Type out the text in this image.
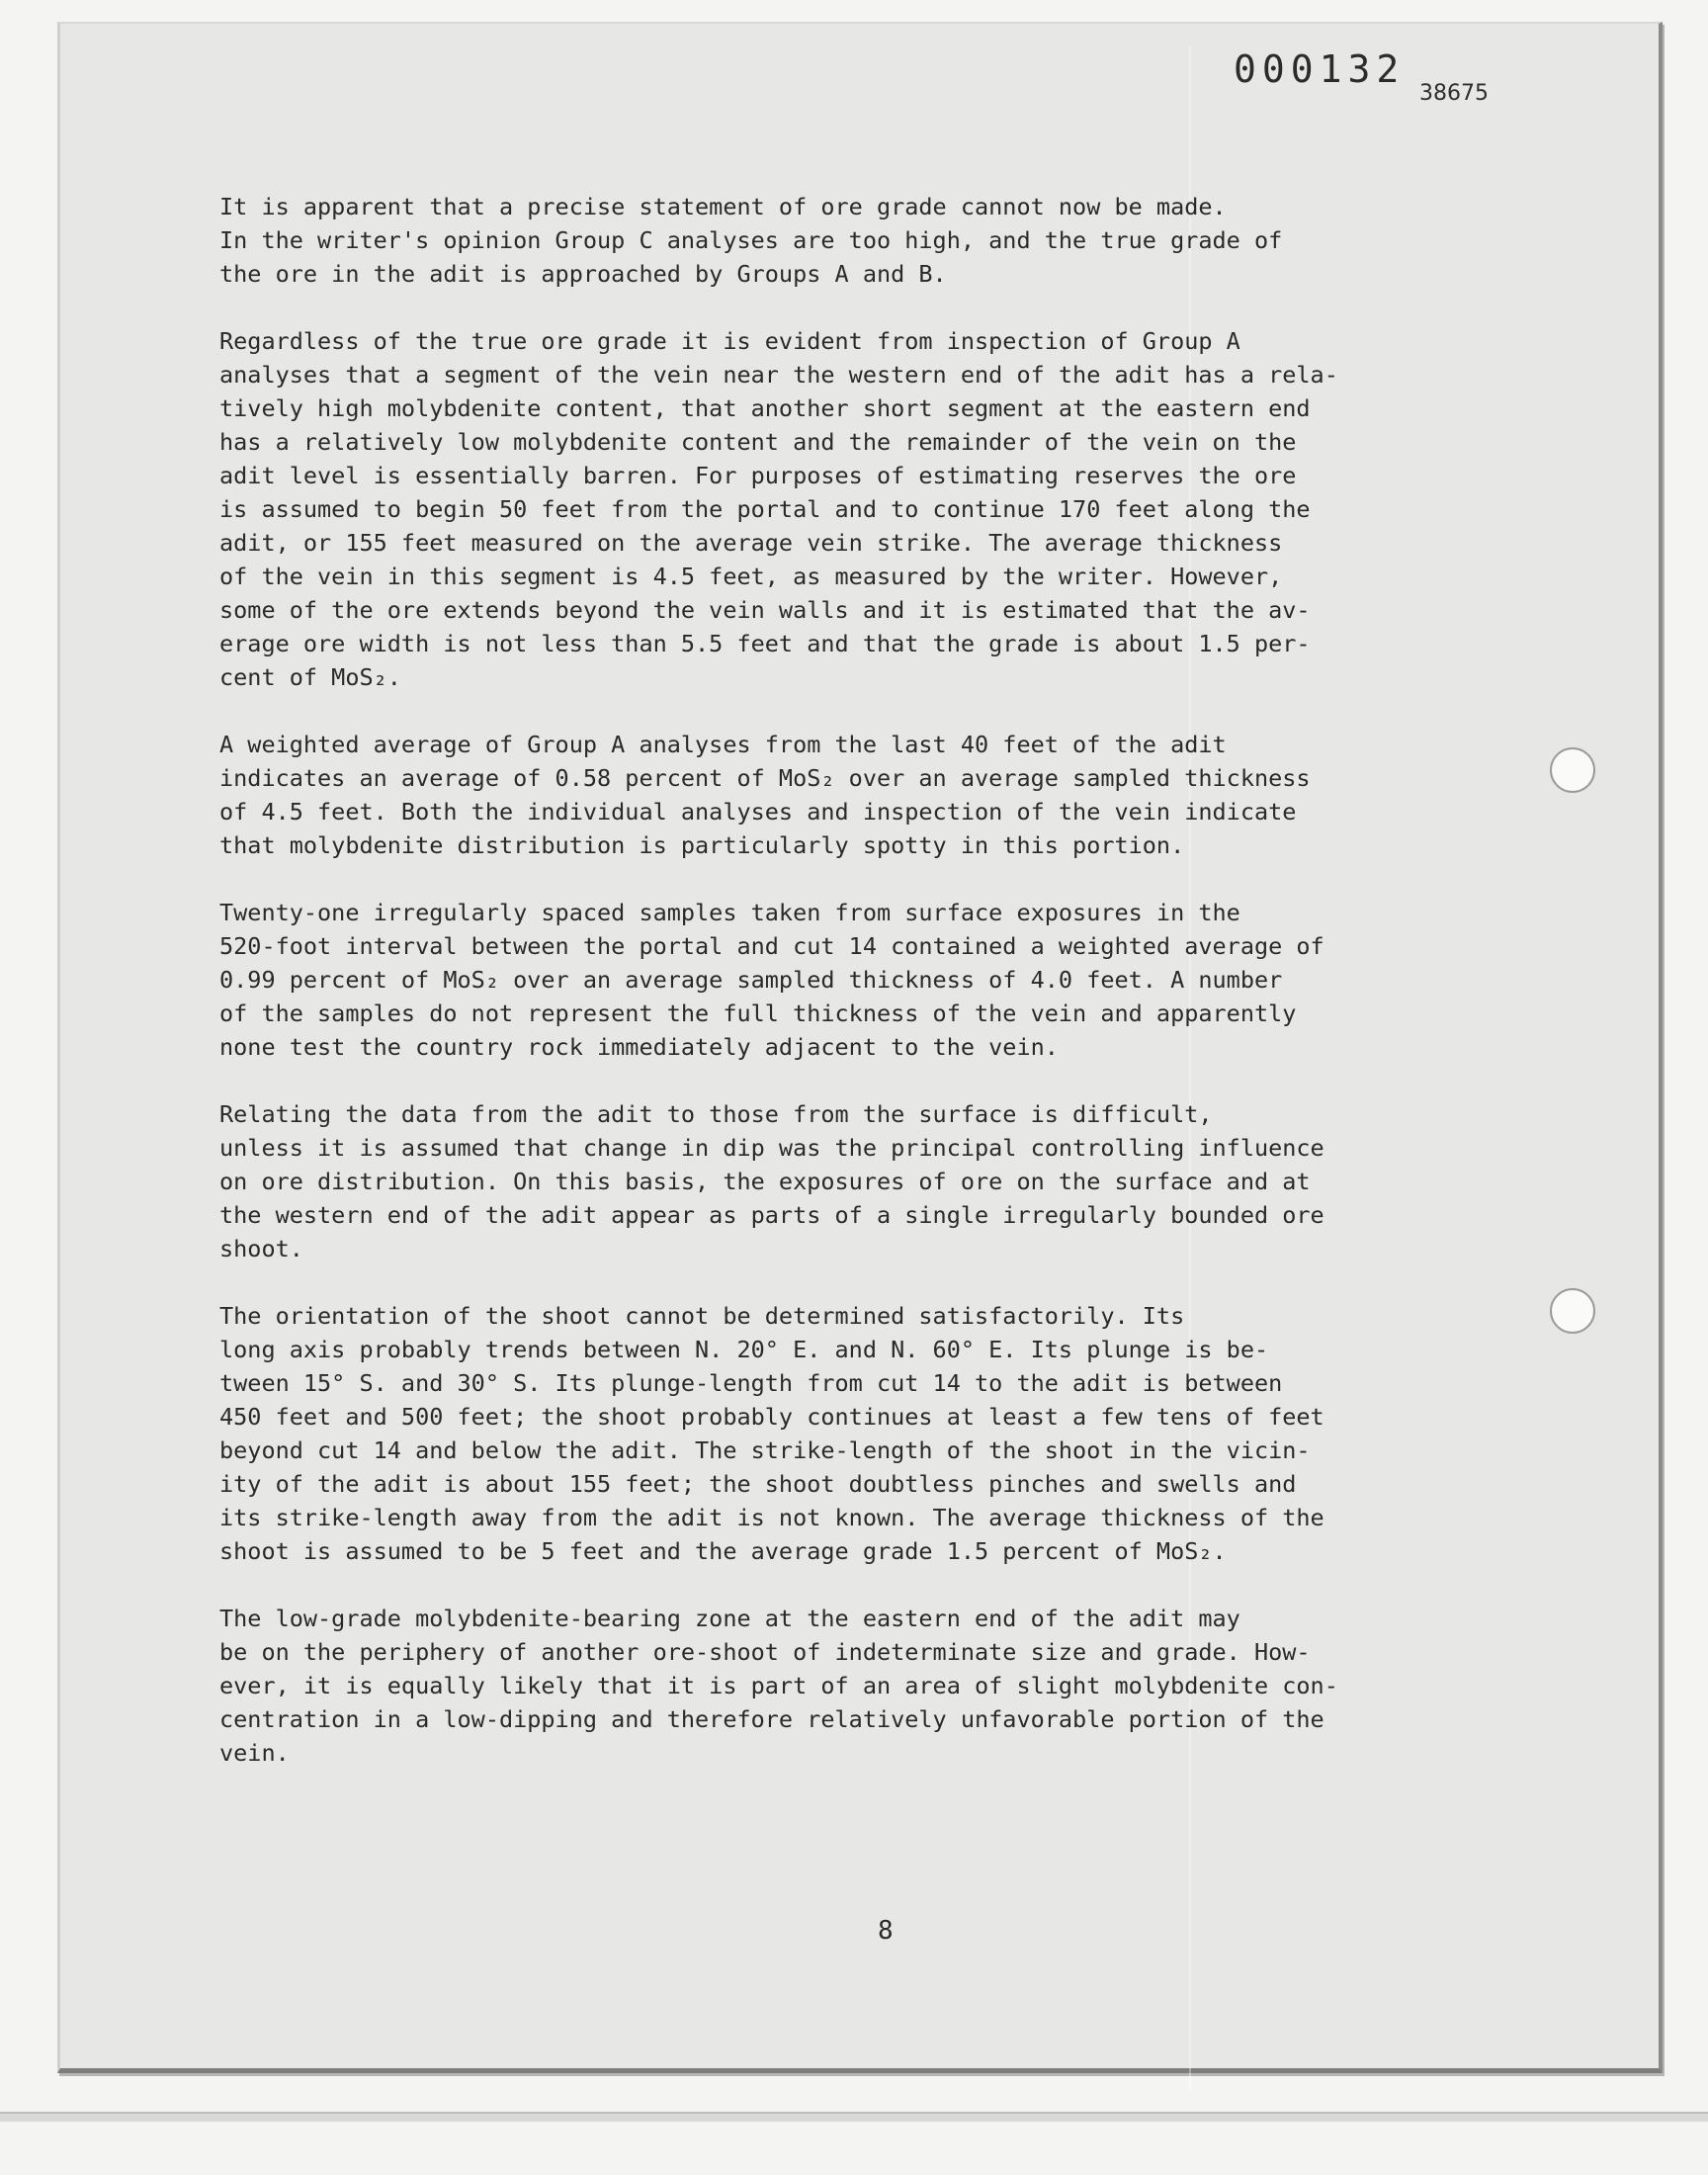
000132
38675
It is apparent that a precise statement of ore grade cannot now be made.
In the writer's opinion Group C analyses are too high, and the true grade of
the ore in the adit is approached by Groups A and B.
Regardless of the true ore grade it is evident from inspection of Group A
analyses that a segment of the vein near the western end of the adit has a rela-
tively high molybdenite content, that another short segment at the eastern end
has a relatively low molybdenite content and the remainder of the vein on the
adit level is essentially barren. For purposes of estimating reserves the ore
is assumed to begin 50 feet from the portal and to continue 170 feet along the
adit, or 155 feet measured on the average vein strike. The average thickness
of the vein in this segment is 4.5 feet, as measured by the writer. However,
some of the ore extends beyond the vein walls and it is estimated that the av-
erage ore width is not less than 5.5 feet and that the grade is about 1.5 per-
cent of MoS₂.
A weighted average of Group A analyses from the last 40 feet of the adit
indicates an average of 0.58 percent of MoS₂ over an average sampled thickness
of 4.5 feet. Both the individual analyses and inspection of the vein indicate
that molybdenite distribution is particularly spotty in this portion.
Twenty-one irregularly spaced samples taken from surface exposures in the
520-foot interval between the portal and cut 14 contained a weighted average of
0.99 percent of MoS₂ over an average sampled thickness of 4.0 feet. A number
of the samples do not represent the full thickness of the vein and apparently
none test the country rock immediately adjacent to the vein.
Relating the data from the adit to those from the surface is difficult,
unless it is assumed that change in dip was the principal controlling influence
on ore distribution. On this basis, the exposures of ore on the surface and at
the western end of the adit appear as parts of a single irregularly bounded ore
shoot.
The orientation of the shoot cannot be determined satisfactorily. Its
long axis probably trends between N. 20° E. and N. 60° E. Its plunge is be-
tween 15° S. and 30° S. Its plunge-length from cut 14 to the adit is between
450 feet and 500 feet; the shoot probably continues at least a few tens of feet
beyond cut 14 and below the adit. The strike-length of the shoot in the vicin-
ity of the adit is about 155 feet; the shoot doubtless pinches and swells and
its strike-length away from the adit is not known. The average thickness of the
shoot is assumed to be 5 feet and the average grade 1.5 percent of MoS₂.
The low-grade molybdenite-bearing zone at the eastern end of the adit may
be on the periphery of another ore-shoot of indeterminate size and grade. How-
ever, it is equally likely that it is part of an area of slight molybdenite con-
centration in a low-dipping and therefore relatively unfavorable portion of the
vein.
8
